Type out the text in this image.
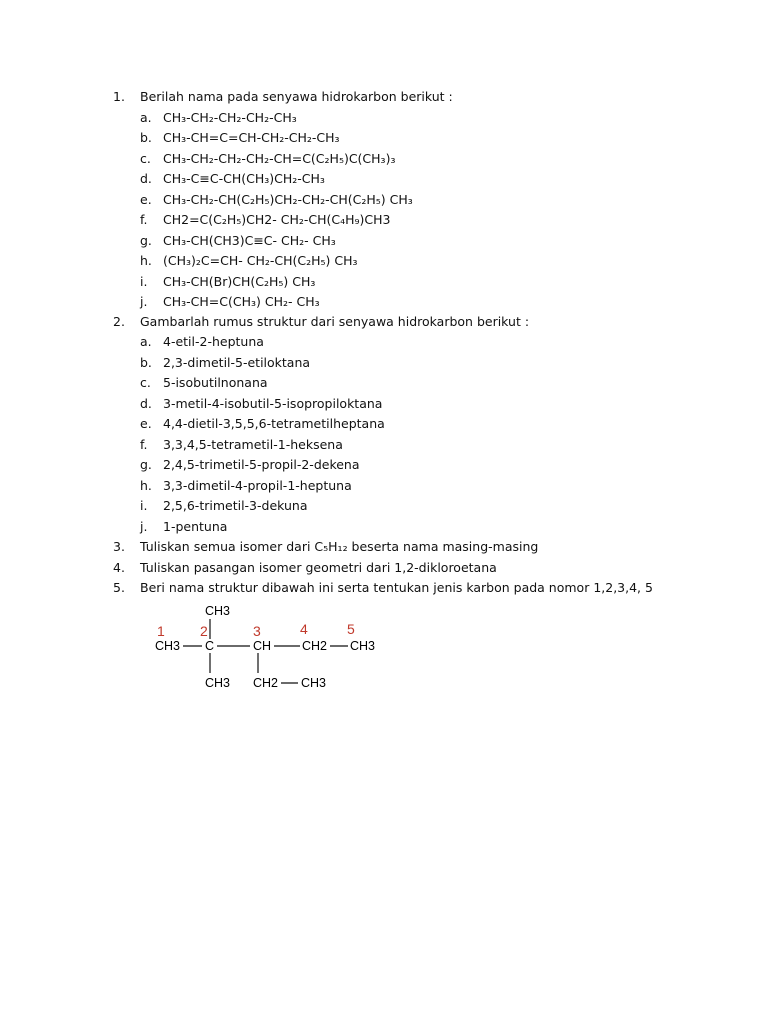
1. Berilah nama pada senyawa hidrokarbon berikut :
a. CH₃-CH₂-CH₂-CH₂-CH₃
b. CH₃-CH=C=CH-CH₂-CH₂-CH₃
c. CH₃-CH₂-CH₂-CH₂-CH=C(C₂H₅)C(CH₃)₃
d. CH₃-C≡C-CH(CH₃)CH₂-CH₃
e. CH₃-CH₂-CH(C₂H₅)CH₂-CH₂-CH(C₂H₅) CH₃
f. CH2=C(C₂H₅)CH2- CH₂-CH(C₄H₉)CH3
g. CH₃-CH(CH3)C≡C- CH₂- CH₃
h. (CH₃)₂C=CH- CH₂-CH(C₂H₅) CH₃
i. CH₃-CH(Br)CH(C₂H₅) CH₃
j. CH₃-CH=C(CH₃) CH₂- CH₃
2. Gambarlah rumus struktur dari senyawa hidrokarbon berikut :
a. 4-etil-2-heptuna
b. 2,3-dimetil-5-etiloktana
c. 5-isobutilnonana
d. 3-metil-4-isobutil-5-isopropiloktana
e. 4,4-dietil-3,5,5,6-tetrametilheptana
f. 3,3,4,5-tetrametil-1-heksena
g. 2,4,5-trimetil-5-propil-2-dekena
h. 3,3-dimetil-4-propil-1-heptuna
i. 2,5,6-trimetil-3-dekuna
j. 1-pentuna
3. Tuliskan semua isomer dari C₅H₁₂ beserta nama masing-masing
4. Tuliskan pasangan isomer geometri dari 1,2-dikloroetana
5. Beri nama struktur dibawah ini serta tentukan jenis karbon pada nomor 1,2,3,4, 5
1	2	3	4	5
CH3
CH3 C	CH CH2 CH3
CH3 CH2 CH3
